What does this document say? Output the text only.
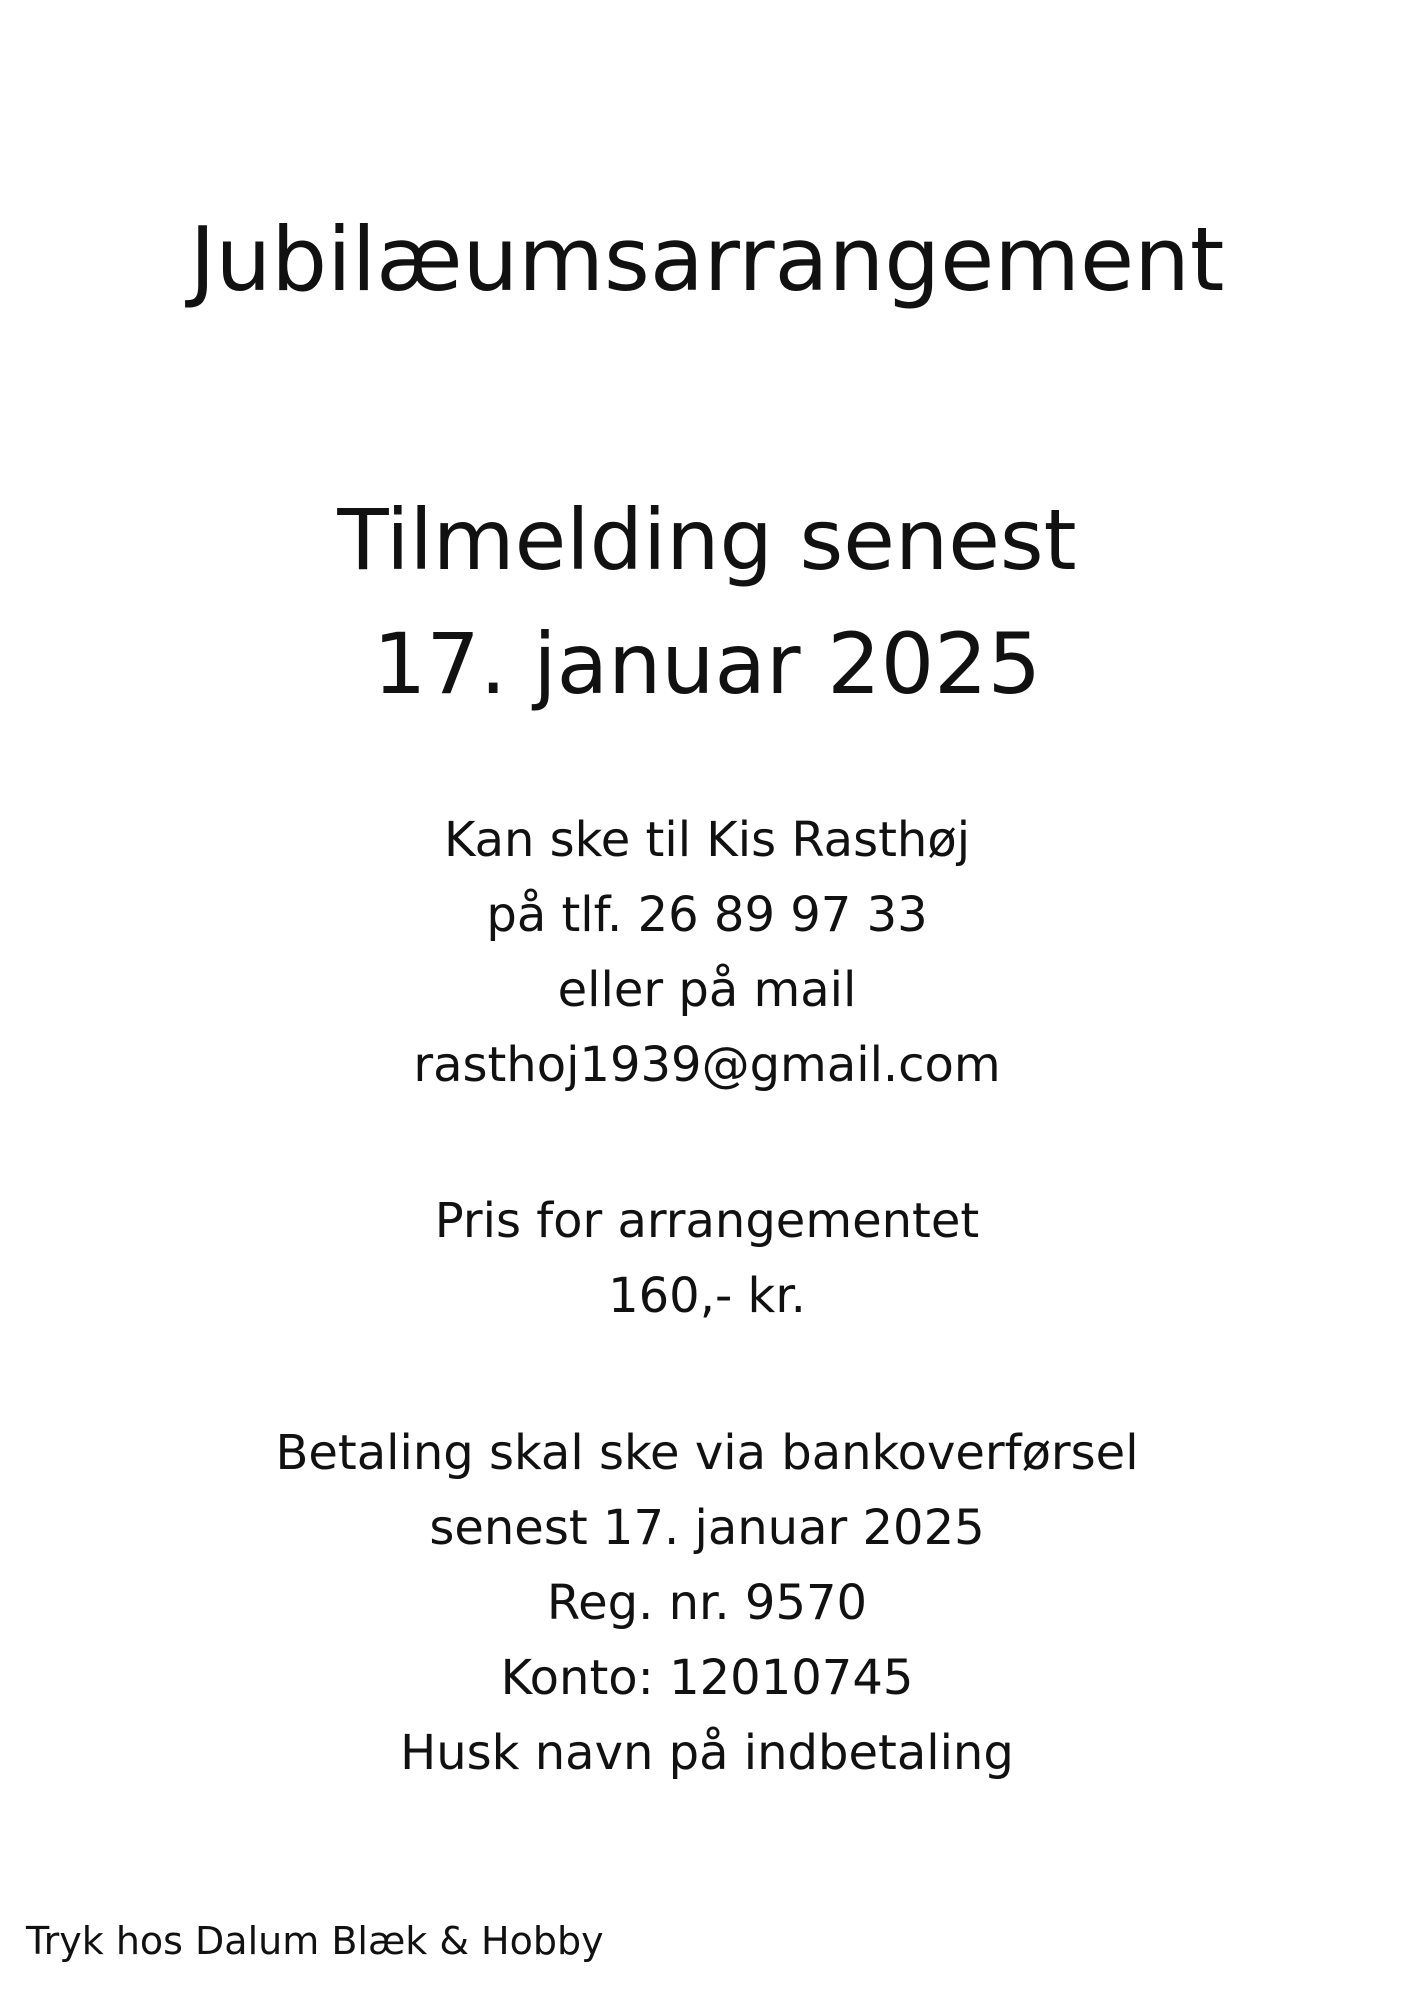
Jubilæumsarrangement

Tilmelding senest

17. januar 2025

Kan ske til Kis Rasthøj

på tlf. 26 89 97 33

eller på mail

rasthoj1939@gmail.com

Pris for arrangementet

160,- kr.

Betaling skal ske via bankoverførsel

senest 17. januar 2025

Reg. nr. 9570

Konto: 12010745

Husk navn på indbetaling

Tryk hos Dalum Blæk & Hobby
